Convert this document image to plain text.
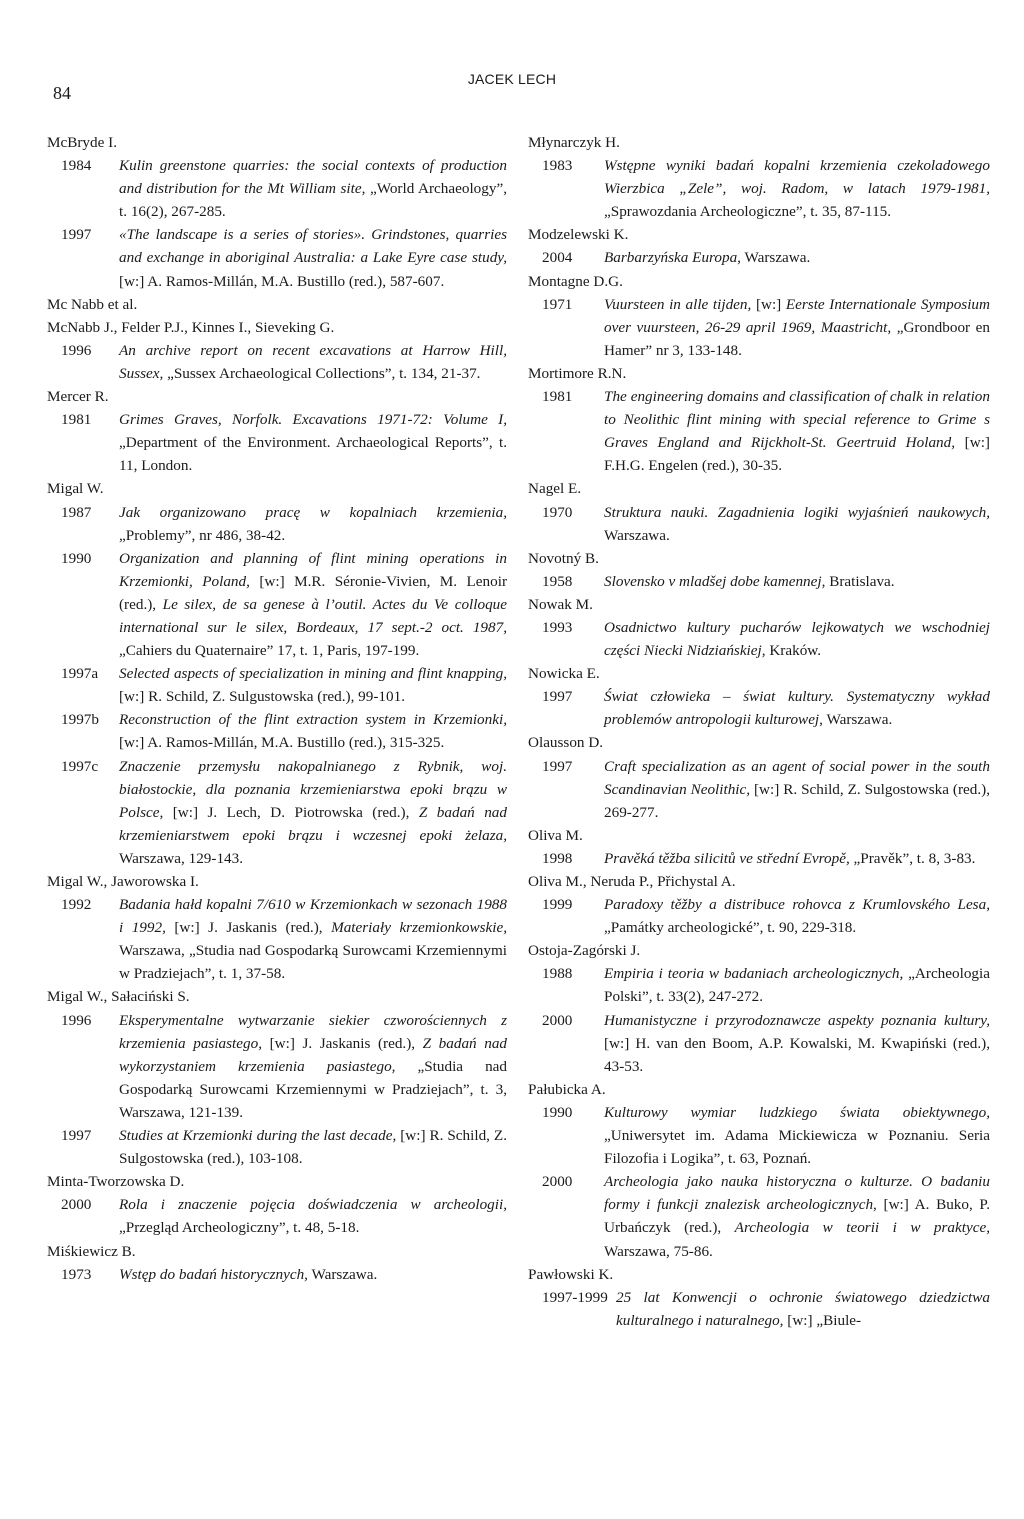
84
JACEK LECH
McBryde I.
1984	Kulin greenstone quarries: the social contexts of production and distribution for the Mt William site, „World Archaeology”, t. 16(2), 267-285.
1997	«The landscape is a series of stories». Grindstones, quarries and exchange in aboriginal Australia: a Lake Eyre case study, [w:] A. Ramos-Millán, M.A. Bustillo (red.), 587-607.
Mc Nabb et al.
McNabb J., Felder P.J., Kinnes I., Sieveking G.
1996	An archive report on recent excavations at Harrow Hill, Sussex, „Sussex Archaeological Collections”, t. 134, 21-37.
Mercer R.
1981	Grimes Graves, Norfolk. Excavations 1971-72: Volume I, „Department of the Environment. Archaeological Reports”, t. 11, London.
Migal W.
1987	Jak organizowano pracę w kopalniach krzemienia, „Problemy”, nr 486, 38-42.
1990	Organization and planning of flint mining operations in Krzemionki, Poland, [w:] M.R. Séronie-Vivien, M. Lenoir (red.), Le silex, de sa genese à l’outil. Actes du Ve colloque international sur le silex, Bordeaux, 17 sept.-2 oct. 1987, „Cahiers du Quaternaire” 17, t. 1, Paris, 197-199.
1997a	Selected aspects of specialization in mining and flint knapping, [w:] R. Schild, Z. Sulgustowska (red.), 99-101.
1997b	Reconstruction of the flint extraction system in Krzemionki, [w:] A. Ramos-Millán, M.A. Bustillo (red.), 315-325.
1997c	Znaczenie przemysłu nakopalnianego z Rybnik, woj. białostockie, dla poznania krzemieniarstwa epoki brązu w Polsce, [w:] J. Lech, D. Piotrowska (red.), Z badań nad krzemieniarstwem epoki brązu i wczesnej epoki żelaza, Warszawa, 129-143.
Migal W., Jaworowska I.
1992	Badania hałd kopalni 7/610 w Krzemionkach w sezonach 1988 i 1992, [w:] J. Jaskanis (red.), Materiały krzemionkowskie, Warszawa, „Studia nad Gospodarką Surowcami Krzemiennymi w Pradziejach”, t. 1, 37-58.
Migal W., Sałaciński S.
1996	Eksperymentalne wytwarzanie siekier czworościennych z krzemienia pasiastego, [w:] J. Jaskanis (red.), Z badań nad wykorzystaniem krzemienia pasiastego, „Studia nad Gospodarką Surowcami Krzemiennymi w Pradziejach”, t. 3, Warszawa, 121-139.
1997	Studies at Krzemionki during the last decade, [w:] R. Schild, Z. Sulgostowska (red.), 103-108.
Minta-Tworzowska D.
2000	Rola i znaczenie pojęcia doświadczenia w archeologii, „Przegląd Archeologiczny”, t. 48, 5-18.
Miśkiewicz B.
1973	Wstęp do badań historycznych, Warszawa.
Młynarczyk H.
1983	Wstępne wyniki badań kopalni krzemienia czekoladowego Wierzbica „Zele”, woj. Radom, w latach 1979-1981, „Sprawozdania Archeologiczne”, t. 35, 87-115.
Modzelewski K.
2004	Barbarzyńska Europa, Warszawa.
Montagne D.G.
1971	Vuursteen in alle tijden, [w:] Eerste Internationale Symposium over vuursteen, 26-29 april 1969, Maastricht, „Grondboor en Hamer” nr 3, 133-148.
Mortimore R.N.
1981	The engineering domains and classification of chalk in relation to Neolithic flint mining with special reference to Grime s Graves England and Rijckholt-St. Geertruid Holand, [w:] F.H.G. Engelen (red.), 30-35.
Nagel E.
1970	Struktura nauki. Zagadnienia logiki wyjaśnień naukowych, Warszawa.
Novotný B.
1958	Slovensko v mladšej dobe kamennej, Bratislava.
Nowak M.
1993	Osadnictwo kultury pucharów lejkowatych we wschodniej części Niecki Nidziańskiej, Kraków.
Nowicka E.
1997	Świat człowieka – świat kultury. Systematyczny wykład problemów antropologii kulturowej, Warszawa.
Olausson D.
1997	Craft specialization as an agent of social power in the south Scandinavian Neolithic, [w:] R. Schild, Z. Sulgostowska (red.), 269-277.
Oliva M.
1998	Pravěká těžba silicitů ve střední Evropě, „Pravěk”, t. 8, 3-83.
Oliva M., Neruda P., Přichystal A.
1999	Paradoxy těžby a distribuce rohovca z Krumlovského Lesa, „Památky archeologické”, t. 90, 229-318.
Ostoja-Zagórski J.
1988	Empiria i teoria w badaniach archeologicznych, „Archeologia Polski”, t. 33(2), 247-272.
2000	Humanistyczne i przyrodoznawcze aspekty poznania kultury, [w:] H. van den Boom, A.P. Kowalski, M. Kwapiński (red.), 43-53.
Pałubicka A.
1990	Kulturowy wymiar ludzkiego świata obiektywnego, „Uniwersytet im. Adama Mickiewicza w Poznaniu. Seria Filozofia i Logika”, t. 63, Poznań.
2000	Archeologia jako nauka historyczna o kulturze. O badaniu formy i funkcji znalezisk archeologicznych, [w:] A. Buko, P. Urbańczyk (red.), Archeologia w teorii i w praktyce, Warszawa, 75-86.
Pawłowski K.
1997-1999 25 lat Konwencji o ochronie światowego dziedzictwa kulturalnego i naturalnego, [w:] „Biule-
